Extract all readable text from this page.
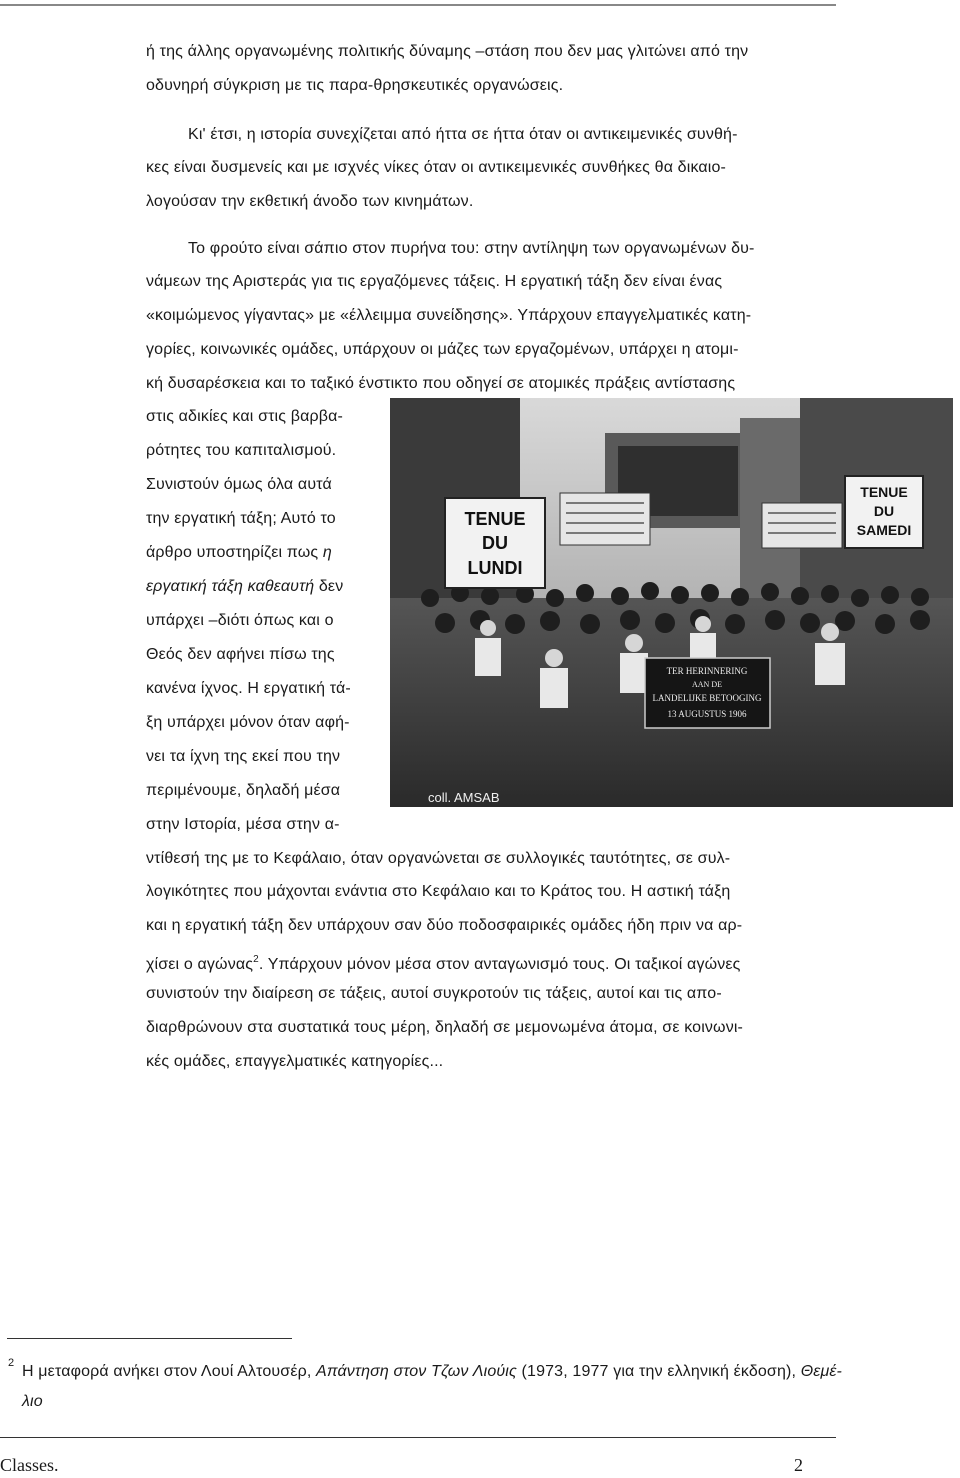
ή της άλλης οργανωμένης πολιτικής δύναμης –στάση που δεν μας γλιτώνει από την
οδυνηρή σύγκριση με τις παρα-θρησκευτικές οργανώσεις.
Κι' έτσι, η ιστορία συνεχίζεται από ήττα σε ήττα όταν οι αντικειμενικές συνθή-
κες είναι δυσμενείς και με ισχνές νίκες όταν οι αντικειμενικές συνθήκες θα δικαιο-
λογούσαν την εκθετική άνοδο των κινημάτων.
Το φρούτο είναι σάπιο στον πυρήνα του: στην αντίληψη των οργανωμένων δυ-
νάμεων της Αριστεράς για τις εργαζόμενες τάξεις. Η εργατική τάξη δεν είναι ένας
«κοιμώμενος γίγαντας» με «έλλειμμα συνείδησης». Υπάρχουν επαγγελματικές κατη-
γορίες, κοινωνικές ομάδες, υπάρχουν οι μάζες των εργαζομένων, υπάρχει η ατομι-
κή δυσαρέσκεια και το ταξικό ένστικτο που οδηγεί σε ατομικές πράξεις αντίστασης
στις αδικίες και στις βαρβα-
ρότητες του καπιταλισμού.
Συνιστούν όμως όλα αυτά
την εργατική τάξη; Αυτό το
άρθρο υποστηρίζει πως η
εργατική τάξη καθεαυτή δεν
υπάρχει –διότι όπως και ο
Θεός δεν αφήνει πίσω της
κανένα ίχνος. Η εργατική τά-
ξη υπάρχει μόνον όταν αφή-
νει τα ίχνη της εκεί που την
περιμένουμε, δηλαδή μέσα
στην Ιστορία, μέσα στην α-
TENUE
DU
LUNDI
TENUE
DU
SAMEDI
TER HERINNERING
AAN DE
LANDELIJKE BETOOGING
13 AUGUSTUS 1906
coll. AMSAB
ντίθεσή της με το Κεφάλαιο, όταν οργανώνεται σε συλλογικές ταυτότητες, σε συλ-
λογικότητες που μάχονται ενάντια στο Κεφάλαιο και το Κράτος του. Η αστική τάξη
και η εργατική τάξη δεν υπάρχουν σαν δύο ποδοσφαιρικές ομάδες ήδη πριν να αρ-
χίσει ο αγώνας$^2$. Υπάρχουν μόνον μέσα στον ανταγωνισμό τους. Οι ταξικοί αγώνες
συνιστούν την διαίρεση σε τάξεις, αυτοί συγκροτούν τις τάξεις, αυτοί και τις απο-
διαρθρώνουν στα συστατικά τους μέρη, δηλαδή σε μεμονωμένα άτομα, σε κοινωνι-
κές ομάδες, επαγγελματικές κατηγορίες...
2 Η μεταφορά ανήκει στον Λουί Αλτουσέρ, Απάντηση στον Τζων Λιούις (1973, 1977 για την ελληνική έκδοση), Θεμέ-
λιο
Classes.	2
